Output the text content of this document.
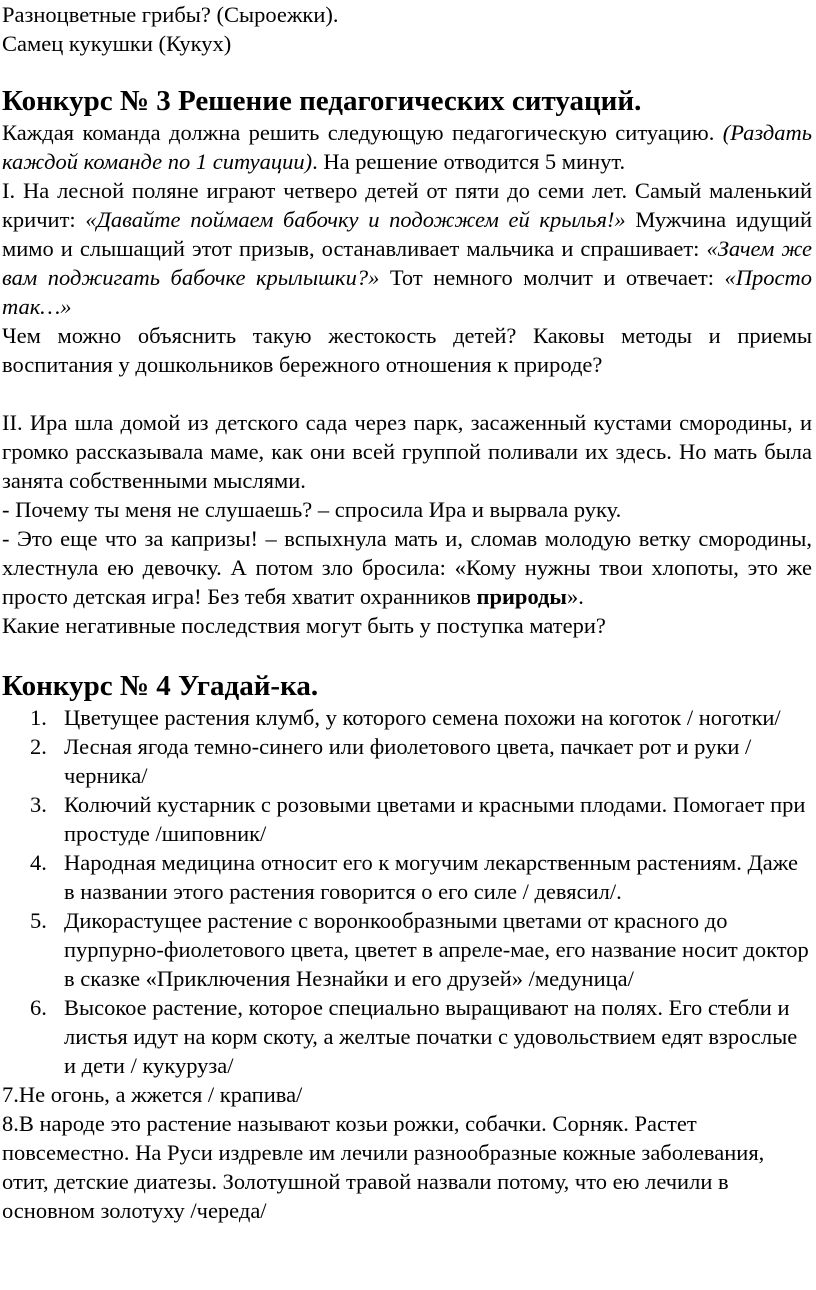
Разноцветные грибы? (Сыроежки).

Самец кукушки (Кукух)

Конкурс № 3 Решение педагогических ситуаций.

Каждая команда должна решить следующую педагогическую ситуацию. (Раздать каждой команде по 1 ситуации). На решение отводится 5 минут.

I. На лесной поляне играют четверо детей от пяти до семи лет. Самый маленький кричит: «Давайте поймаем бабочку и подожжем ей крылья!» Мужчина идущий мимо и слышащий этот призыв, останавливает мальчика и спрашивает: «Зачем же вам поджигать бабочке крылышки?» Тот немного молчит и отвечает: «Просто так…»

Чем можно объяснить такую жестокость детей? Каковы методы и приемы воспитания у дошкольников бережного отношения к природе?

II. Ира шла домой из детского сада через парк, засаженный кустами смородины, и громко рассказывала маме, как они всей группой поливали их здесь. Но мать была занята собственными мыслями.

- Почему ты меня не слушаешь? – спросила Ира и вырвала руку.

- Это еще что за капризы! – вспыхнула мать и, сломав молодую ветку смородины, хлестнула ею девочку. А потом зло бросила: «Кому нужны твои хлопоты, это же просто детская игра! Без тебя хватит охранников природы».

Какие негативные последствия могут быть у поступка матери?

Конкурс № 4 Угадай-ка.
1. Цветущее растения клумб, у которого семена похожи на коготок / ноготки/
2. Лесная ягода темно-синего или фиолетового цвета, пачкает рот и руки /черника/
3. Колючий кустарник с розовыми цветами и красными плодами. Помогает при простуде /шиповник/
4. Народная медицина относит его к могучим лекарственным растениям. Даже в названии этого растения говорится о его силе / девясил/.
5. Дикорастущее растение с воронкообразными цветами от красного до пурпурно-фиолетового цвета, цветет в апреле-мае, его название носит доктор в сказке «Приключения Незнайки и его друзей» /медуница/
6. Высокое растение, которое специально выращивают на полях. Его стебли и листья идут на корм скоту, а желтые початки с удовольствием едят взрослые и дети / кукуруза/

7.Не огонь, а жжется / крапива/

8.В народе это растение называют козьи рожки, собачки. Сорняк. Растет повсеместно. На Руси издревле им лечили разнообразные кожные заболевания, отит, детские диатезы. Золотушной травой назвали потому, что ею лечили в основном золотуху /череда/
